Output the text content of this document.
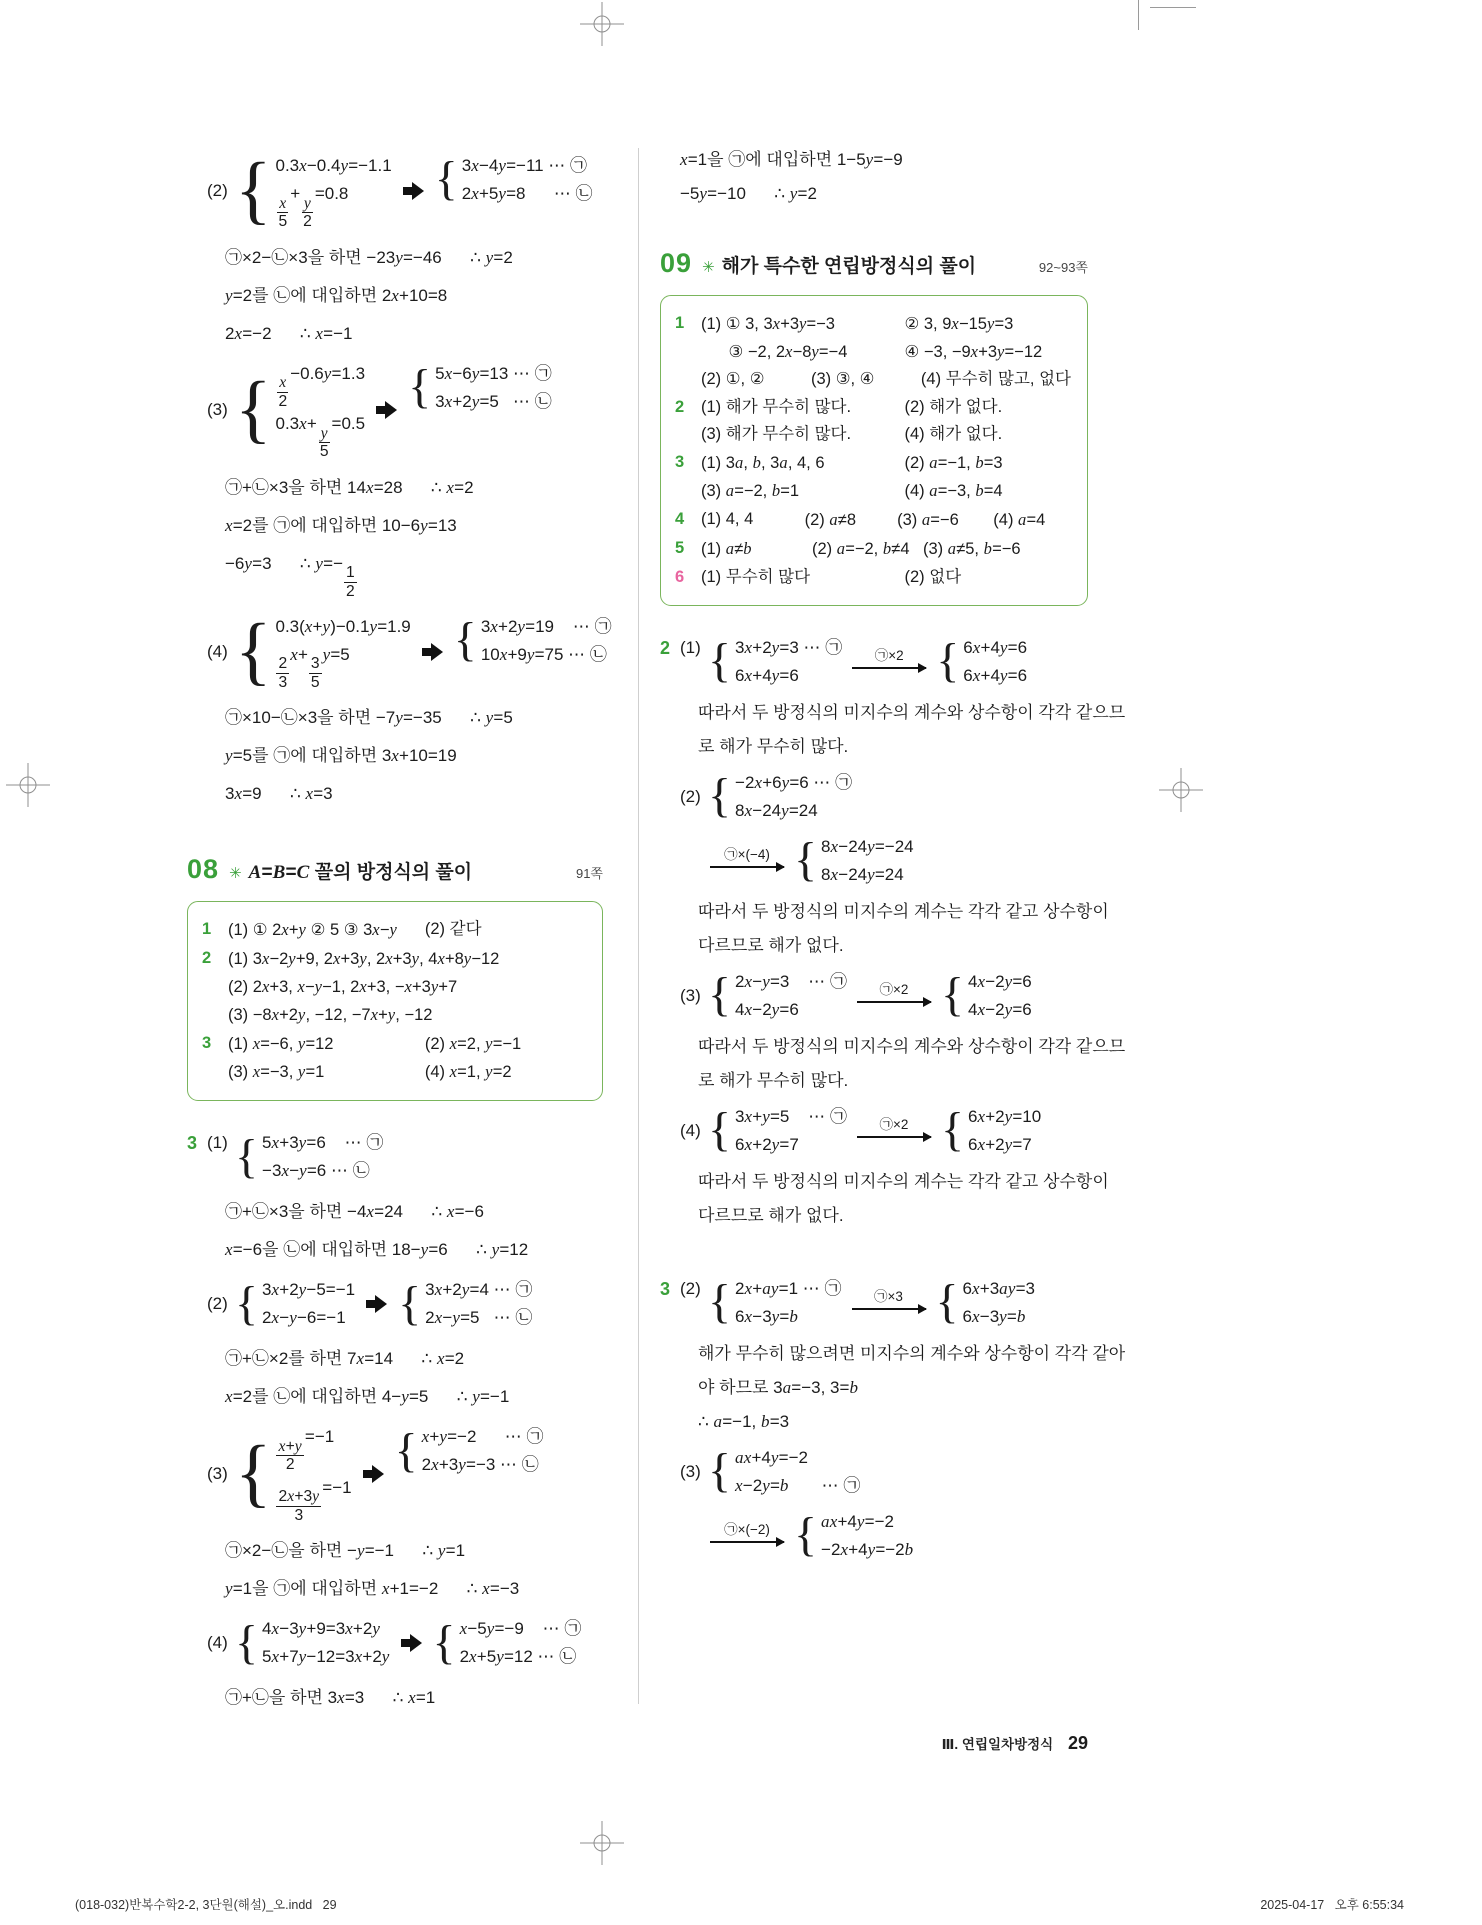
(2) { 0.3x−0.4y=−1.1
$\frac{x}{5}$
+
$\frac{y}{2}$
=0.8	{ 3x−4y=−11 ⋯ ㉠
2x+5y=8      ⋯ ㉡
㉠×2−㉡×3을 하면 −23y=−46      ∴ y=2
y=2를 ㉡에 대입하면 2x+10=8
2x=−2      ∴ x=−1
(3) { $\frac{x}{2}$
−0.6y=1.3
0.3x+
$\frac{y}{5}$
=0.5
{ 5x−6y=13 ⋯ ㉠
3x+2y=5   ⋯ ㉡
㉠+㉡×3을 하면 14x=28      ∴ x=2
x=2를 ㉠에 대입하면 10−6y=13
−6y=3      ∴ y=−
$\frac{1}{2}$
(4) { 0.3(x+y)−0.1y=1.9
$\frac{2}{3}$
x+
$\frac{3}{5}$
y=5	{ 3x+2y=19    ⋯ ㉠
10x+9y=75 ⋯ ㉡
㉠×10−㉡×3을 하면 −7y=−35      ∴ y=5
y=5를 ㉠에 대입하면 3x+10=19
3x=9      ∴ x=3
08 ✳ A=B=C 꼴의 방정식의 풀이	91쪽
1	(1) ① 2x+y ② 5 ③ 3x−y	(2) 같다
2	(1) 3x−2y+9, 2x+3y, 2x+3y, 4x+8y−12
(2) 2x+3, x−y−1, 2x+3, −x+3y+7
(3) −8x+2y, −12, −7x+y, −12
3	(1) x=−6, y=12	(2) x=2, y=−1
(3) x=−3, y=1	(4) x=1, y=2
3 (1) { 5x+3y=6    ⋯ ㉠
−3x−y=6 ⋯ ㉡
㉠+㉡×3을 하면 −4x=24      ∴ x=−6
x=−6을 ㉡에 대입하면 18−y=6      ∴ y=12
(2) { 3x+2y−5=−1
2x−y−6=−1 { 3x+2y=4 ⋯ ㉠
2x−y=5   ⋯ ㉡
㉠+㉡×2를 하면 7x=14      ∴ x=2
x=2를 ㉡에 대입하면 4−y=5      ∴ y=−1
(3) { $\frac{x+y}{2}$
=−1
$\frac{2x+3y}{3}$
=−1
{ x+y=−2      ⋯ ㉠
2x+3y=−3 ⋯ ㉡
㉠×2−㉡을 하면 −y=−1      ∴ y=1
y=1을 ㉠에 대입하면 x+1=−2      ∴ x=−3
(4) { 4x−3y+9=3x+2y
5x+7y−12=3x+2y { x−5y=−9    ⋯ ㉠
2x+5y=12 ⋯ ㉡
㉠+㉡을 하면 3x=3      ∴ x=1
x=1을 ㉠에 대입하면 1−5y=−9
−5y=−10      ∴ y=2
09 ✳ 해가 특수한 연립방정식의 풀이	92~93쪽
1	(1) ① 3, 3x+3y=−3	② 3, 9x−15y=3
③ −2, 2x−8y=−4	④ −3, −9x+3y=−12
(2) ①, ②	(3) ③, ④	(4) 무수히 많고, 없다
2	(1) 해가 무수히 많다.	(2) 해가 없다.
(3) 해가 무수히 많다.	(4) 해가 없다.
3	(1) 3a, b, 3a, 4, 6	(2) a=−1, b=3
(3) a=−2, b=1	(4) a=−3, b=4
4	(1) 4, 4	(2) a≠8	(3) a=−6	(4) a=4
5	(1) a≠b	(2) a=−2, b≠4 (3) a≠5, b=−6
6	(1) 무수히 많다	(2) 없다
2 (1) { 3x+2y=3 ⋯ ㉠
6x+4y=6
㉠×2 { 6x+4y=6
6x+4y=6
따라서 두 방정식의 미지수의 계수와 상수항이 각각 같으므
로 해가 무수히 많다.
(2) { −2x+6y=6 ⋯ ㉠
8x−24y=24
㉠×(−4) { 8x−24y=−24
8x−24y=24
따라서 두 방정식의 미지수의 계수는 각각 같고 상수항이
다르므로 해가 없다.
(3) { 2x−y=3    ⋯ ㉠
4x−2y=6
㉠×2 { 4x−2y=6
4x−2y=6
따라서 두 방정식의 미지수의 계수와 상수항이 각각 같으므
로 해가 무수히 많다.
(4) { 3x+y=5    ⋯ ㉠
6x+2y=7
㉠×2 { 6x+2y=10
6x+2y=7
따라서 두 방정식의 미지수의 계수는 각각 같고 상수항이
다르므로 해가 없다.
3 (2) { 2x+ay=1 ⋯ ㉠
6x−3y=b
㉠×3 { 6x+3ay=3
6x−3y=b
해가 무수히 많으려면 미지수의 계수와 상수항이 각각 같아
야 하므로 3a=−3, 3=b
∴ a=−1, b=3
(3) { ax+4y=−2
x−2y=b       ⋯ ㉠
㉠×(−2) { ax+4y=−2
−2x+4y=−2b
Ⅲ. 연립일차방정식 29
(018-032)반복수학2-2, 3단원(해설)_오.indd   29	2025-04-17   오후 6:55:34
